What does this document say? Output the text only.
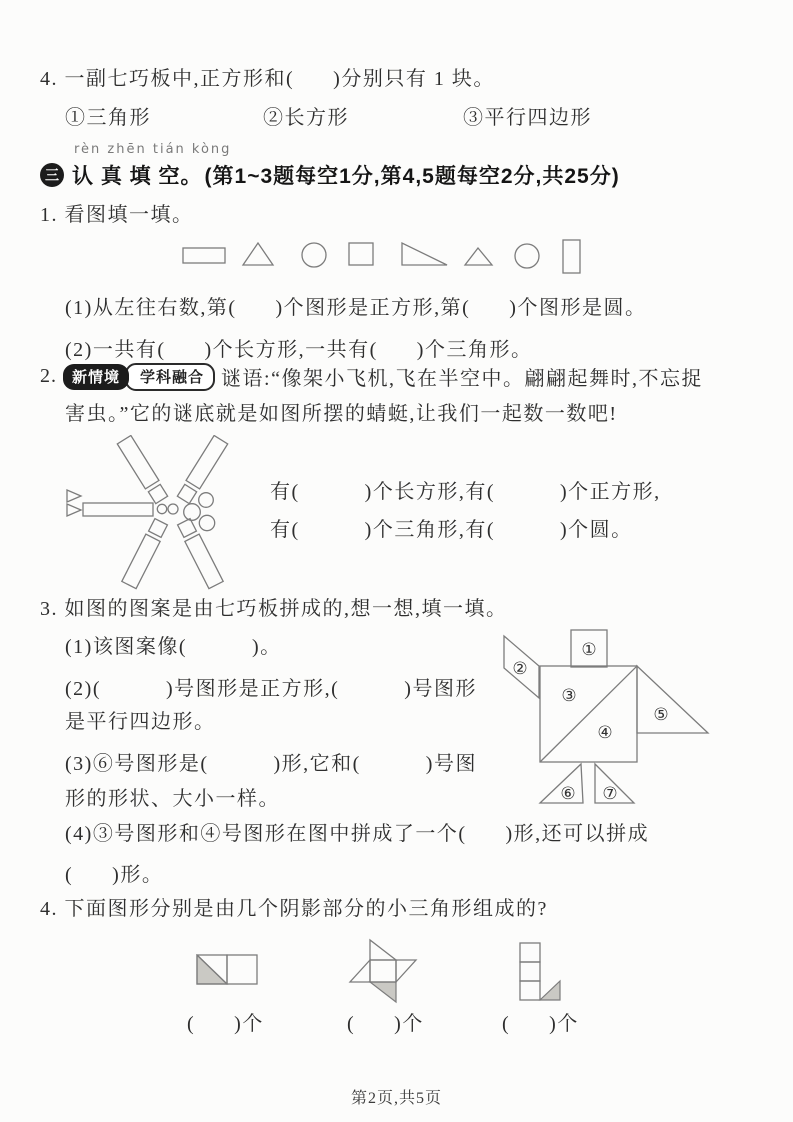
4. 一副七巧板中,正方形和(      )分别只有 1 块。
①三角形	②长方形	③平行四边形
rèn zhēn tián kòng
三 认 真 填 空。 (第1~3题每空1分,第4,5题每空2分,共25分)
1. 看图填一填。
(1)从左往右数,第(      )个图形是正方形,第(      )个图形是圆。
(2)一共有(      )个长方形,一共有(      )个三角形。
2.	新情境	学科融合 谜语:“像架小飞机,飞在半空中。翩翩起舞时,不忘捉
害虫。”它的谜底就是如图所摆的蜻蜓,让我们一起数一数吧!
有(          )个长方形,有(          )个正方形,
有(          )个三角形,有(          )个圆。
3. 如图的图案是由七巧板拼成的,想一想,填一填。
(1)该图案像(          )。
(2)(          )号图形是正方形,(          )号图形
是平行四边形。
(3)⑥号图形是(          )形,它和(          )号图
形的形状、大小一样。
(4)③号图形和④号图形在图中拼成了一个(      )形,还可以拼成
(      )形。
①
②
③
④
⑤
⑥ ⑦
4. 下面图形分别是由几个阴影部分的小三角形组成的?
(      )个	(      )个	(      )个
第2页,共5页
